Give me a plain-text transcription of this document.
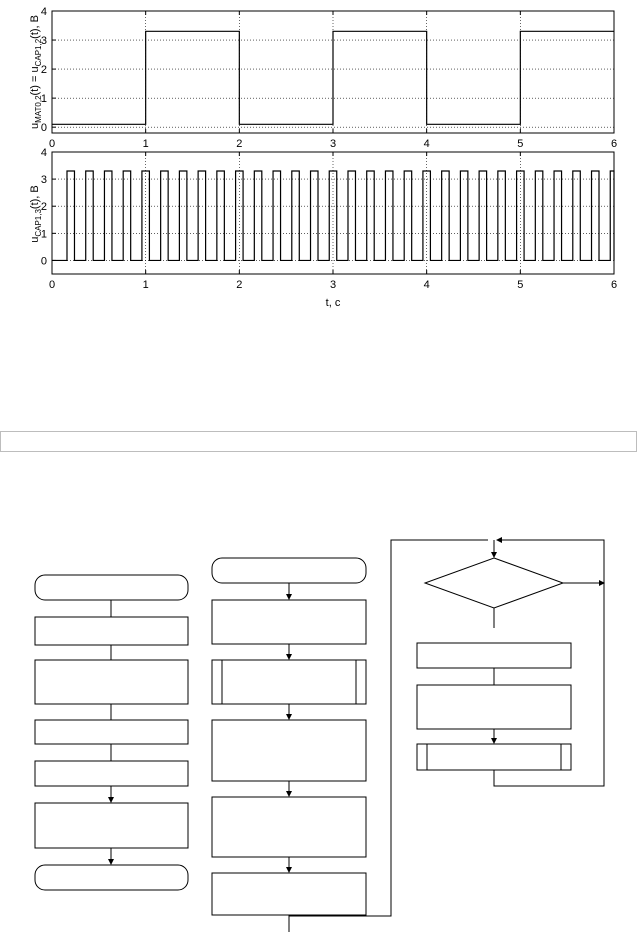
0
1
2
3
4
0	1	2	3	4	5	6
$u_{MAT0,2}(t) = u_{CAP1,2}(t)$, В
0
1
2
3
4
0	1	2	3	4	5	6
$u_{CAP1,3}(t)$, В
t, с
